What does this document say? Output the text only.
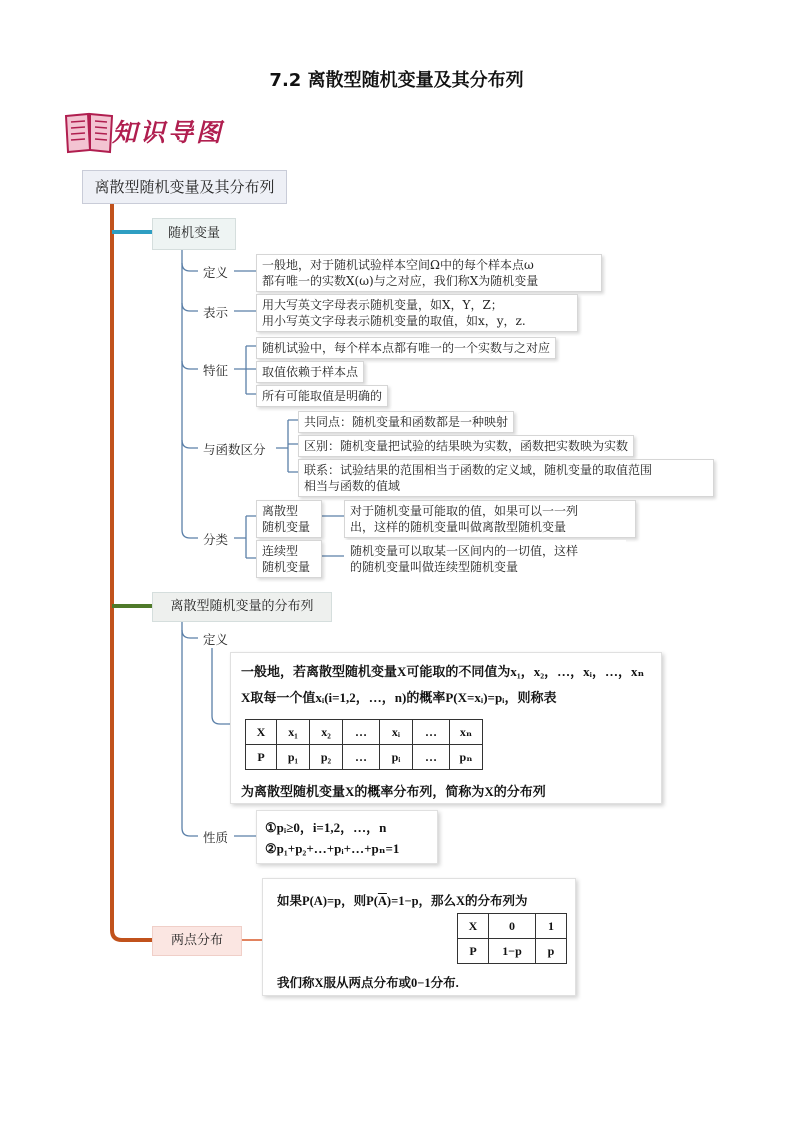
7.2 离散型随机变量及其分布列
知识导图
离散型随机变量及其分布列
随机变量
定义	一般地，对于随机试验样本空间Ω中的每个样本点ω
都有唯一的实数X(ω)与之对应，我们称X为随机变量
表示	用大写英文字母表示随机变量，如X，Y，Z；
用小写英文字母表示随机变量的取值，如x，y，z.
特征
随机试验中，每个样本点都有唯一的一个实数与之对应
取值依赖于样本点
所有可能取值是明确的
与函数区分
共同点：随机变量和函数都是一种映射
区别：随机变量把试验的结果映为实数，函数把实数映为实数
联系：试验结果的范围相当于函数的定义域，随机变量的取值范围
相当与函数的值域
分类
离散型
随机变量
对于随机变量可能取的值，如果可以一一列
出，这样的随机变量叫做离散型随机变量
连续型
随机变量
随机变量可以取某一区间内的一切值，这样
的随机变量叫做连续型随机变量
离散型随机变量的分布列
定义
一般地，若离散型随机变量X可能取的不同值为x₁，x₂，…，xᵢ，…，xₙ
X取每一个值xᵢ(i=1,2，…，n)的概率P(X=xᵢ)=pᵢ，则称表
X	x₁	x₂	…	xᵢ	…	xₙ
P	p₁	p₂	…	pᵢ	…	pₙ
为离散型随机变量X的概率分布列，简称为X的分布列
性质
①pᵢ≥0，i=1,2，…，n
②p₁+p₂+…+pᵢ+…+pₙ=1
两点分布
如果P(A)=p，则$P(\overline{A})=1-p$，那么X的分布列为
X	0	1
P	1−p	p
我们称X服从两点分布或0−1分布.
